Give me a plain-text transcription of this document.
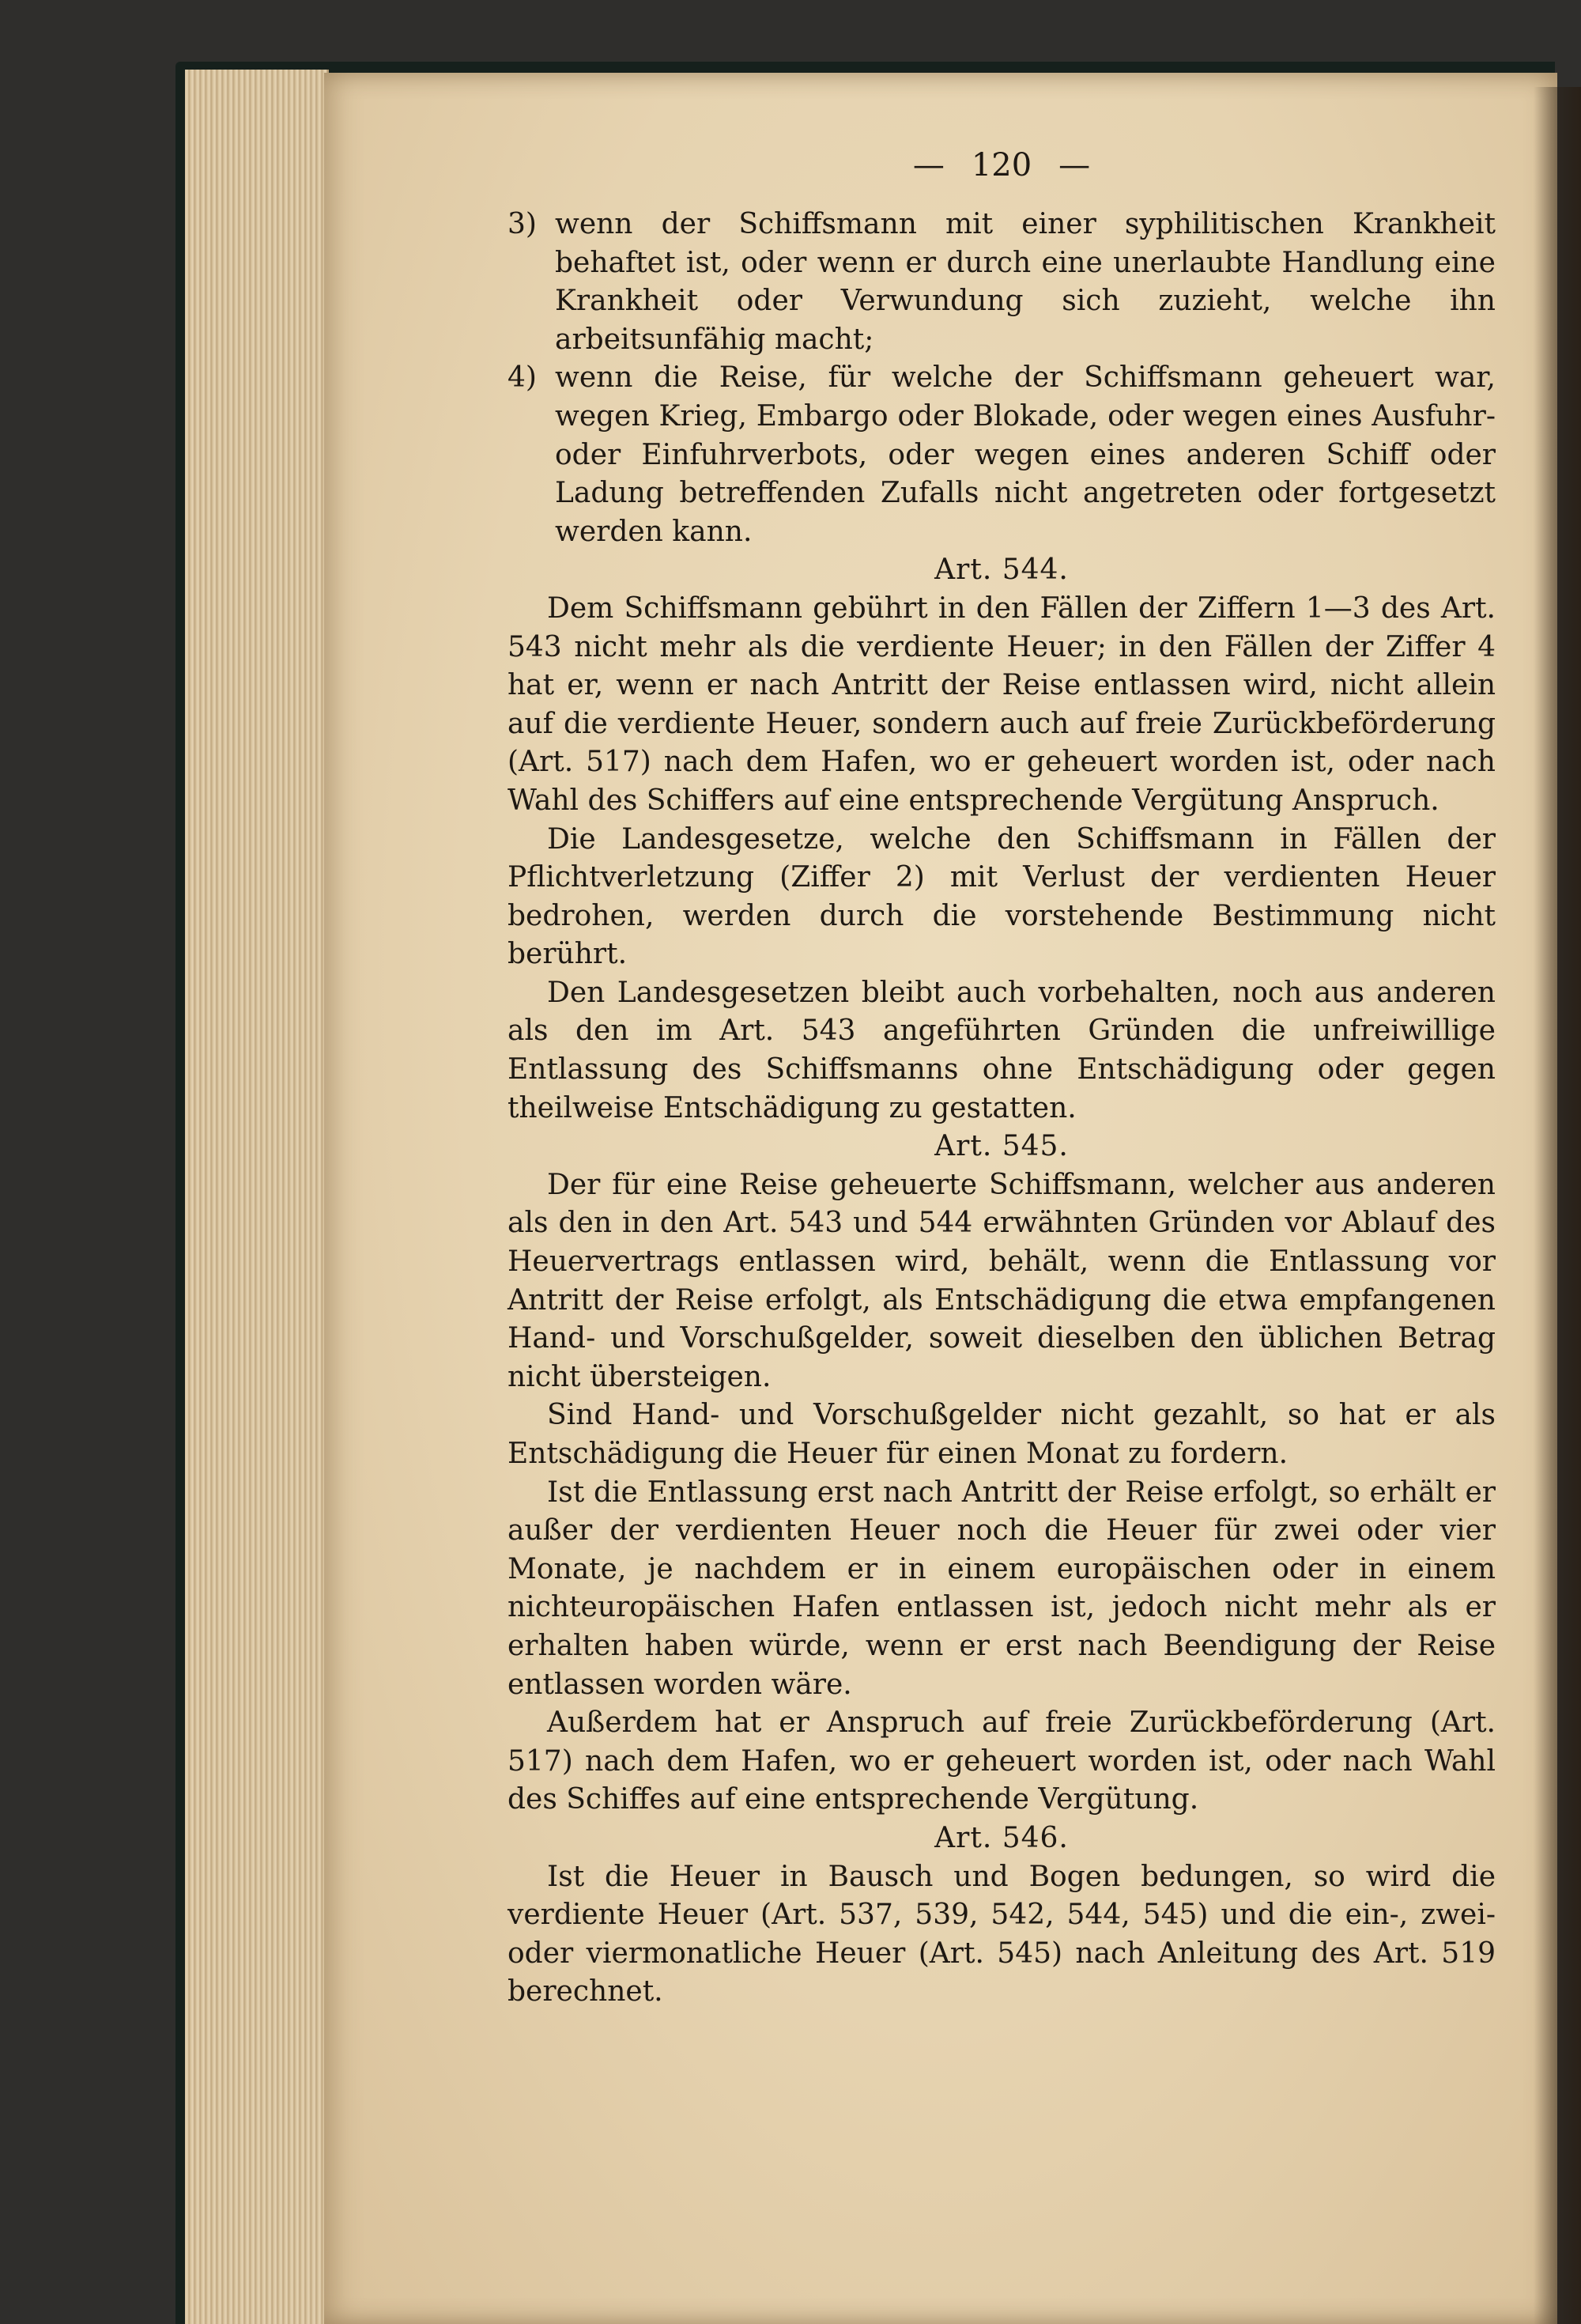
— 120 —

3) wenn der Schiffsmann mit einer syphilitischen Krankheit behaftet ist, oder wenn er durch eine unerlaubte Handlung eine Krankheit oder Verwundung sich zuzieht, welche ihn arbeitsunfähig macht;

4) wenn die Reise, für welche der Schiffsmann geheuert war, wegen Krieg, Embargo oder Blokade, oder wegen eines Ausfuhr- oder Einfuhrverbots, oder wegen eines anderen Schiff oder Ladung betreffenden Zufalls nicht angetreten oder fortgesetzt werden kann.

Art. 544.

Dem Schiffsmann gebührt in den Fällen der Ziffern 1—3 des Art. 543 nicht mehr als die verdiente Heuer; in den Fällen der Ziffer 4 hat er, wenn er nach Antritt der Reise entlassen wird, nicht allein auf die verdiente Heuer, sondern auch auf freie Zurückbeförderung (Art. 517) nach dem Hafen, wo er geheuert worden ist, oder nach Wahl des Schiffers auf eine entsprechende Vergütung Anspruch.

Die Landesgesetze, welche den Schiffsmann in Fällen der Pflichtverletzung (Ziffer 2) mit Verlust der verdienten Heuer bedrohen, werden durch die vorstehende Bestimmung nicht berührt.

Den Landesgesetzen bleibt auch vorbehalten, noch aus anderen als den im Art. 543 angeführten Gründen die unfreiwillige Entlassung des Schiffsmanns ohne Entschädigung oder gegen theilweise Entschädigung zu gestatten.

Art. 545.

Der für eine Reise geheuerte Schiffsmann, welcher aus anderen als den in den Art. 543 und 544 erwähnten Gründen vor Ablauf des Heuervertrags entlassen wird, behält, wenn die Entlassung vor Antritt der Reise erfolgt, als Entschädigung die etwa empfangenen Hand- und Vorschußgelder, soweit dieselben den üblichen Betrag nicht übersteigen.

Sind Hand- und Vorschußgelder nicht gezahlt, so hat er als Entschädigung die Heuer für einen Monat zu fordern.

Ist die Entlassung erst nach Antritt der Reise erfolgt, so erhält er außer der verdienten Heuer noch die Heuer für zwei oder vier Monate, je nachdem er in einem europäischen oder in einem nichteuropäischen Hafen entlassen ist, jedoch nicht mehr als er erhalten haben würde, wenn er erst nach Beendigung der Reise entlassen worden wäre.

Außerdem hat er Anspruch auf freie Zurückbeförderung (Art. 517) nach dem Hafen, wo er geheuert worden ist, oder nach Wahl des Schiffes auf eine entsprechende Vergütung.

Art. 546.

Ist die Heuer in Bausch und Bogen bedungen, so wird die verdiente Heuer (Art. 537, 539, 542, 544, 545) und die ein-, zwei- oder viermonatliche Heuer (Art. 545) nach Anleitung des Art. 519 berechnet.
